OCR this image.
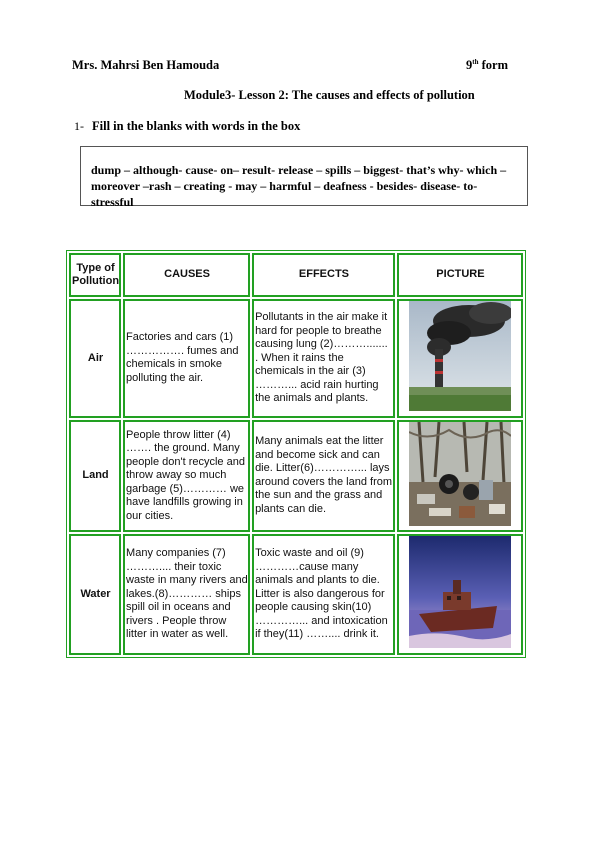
Mrs. Mahrsi Ben Hamouda	9th form
Module3- Lesson 2: The causes and effects of pollution
1- Fill in the blanks with words in the box
dump – although- cause- on– result- release – spills – biggest- that’s why- which – moreover –rash – creating - may – harmful – deafness - besides- disease- to- stressful
Type of Pollution	CAUSES	EFFECTS	PICTURE
Air	Factories and cars (1) ……………. fumes and chemicals in smoke polluting the air.	Pollutants in the air make it hard for people to breathe causing lung (2)………....... . When it rains the chemicals in the air (3) ………... acid rain hurting the animals and plants.	
Land	People throw litter (4) ……. the ground. Many people don't recycle and throw away so much garbage (5)………… we have landfills growing in our cities.	Many animals eat the litter and become sick and can die. Litter(6)…………... lays around covers the land from the sun and the grass and plants can die.	
Water	Many companies (7) ……….... their toxic waste in many rivers and lakes.(8)………… ships spill oil in oceans and rivers . People throw litter in water as well.	Toxic waste and oil (9) …………cause many animals and plants to die. Litter is also dangerous for people causing skin(10) …………... and intoxication if they(11) …….... drink it.	
